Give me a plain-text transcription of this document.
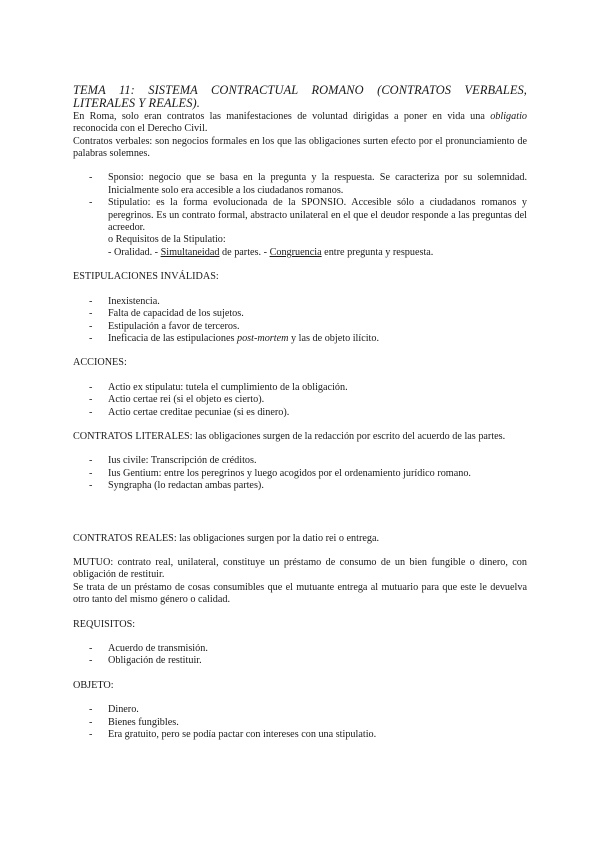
TEMA 11: SISTEMA CONTRACTUAL ROMANO (CONTRATOS VERBALES, LITERALES Y REALES).

En Roma, solo eran contratos las manifestaciones de voluntad dirigidas a poner en vida una obligatio reconocida con el Derecho Civil.

Contratos verbales: son negocios formales en los que las obligaciones surten efecto por el pronunciamiento de palabras solemnes.

- Sponsio: negocio que se basa en la pregunta y la respuesta. Se caracteriza por su solemnidad. Inicialmente solo era accesible a los ciudadanos romanos.
- Stipulatio: es la forma evolucionada de la SPONSIO. Accesible sólo a ciudadanos romanos y peregrinos. Es un contrato formal, abstracto unilateral en el que el deudor responde a las preguntas del acreedor.
o Requisitos de la Stipulatio:
- Oralidad. - Simultaneidad de partes. - Congruencia entre pregunta y respuesta.

ESTIPULACIONES INVÁLIDAS:

- Inexistencia.
- Falta de capacidad de los sujetos.
- Estipulación a favor de terceros.
- Ineficacia de las estipulaciones post-mortem y las de objeto ilícito.

ACCIONES:

- Actio ex stipulatu: tutela el cumplimiento de la obligación.
- Actio certae rei (si el objeto es cierto).
- Actio certae creditae pecuniae (si es dinero).

CONTRATOS LITERALES: las obligaciones surgen de la redacción por escrito del acuerdo de las partes.

- Ius civile: Transcripción de créditos.
- Ius Gentium: entre los peregrinos y luego acogidos por el ordenamiento jurídico romano.
- Syngrapha (lo redactan ambas partes).

CONTRATOS REALES: las obligaciones surgen por la datio rei o entrega.

MUTUO: contrato real, unilateral, constituye un préstamo de consumo de un bien fungible o dinero, con obligación de restituir.

Se trata de un préstamo de cosas consumibles que el mutuante entrega al mutuario para que este le devuelva otro tanto del mismo género o calidad.

REQUISITOS:

- Acuerdo de transmisión.
- Obligación de restituir.

OBJETO:

- Dinero.
- Bienes fungibles.
- Era gratuito, pero se podía pactar con intereses con una stipulatio.
